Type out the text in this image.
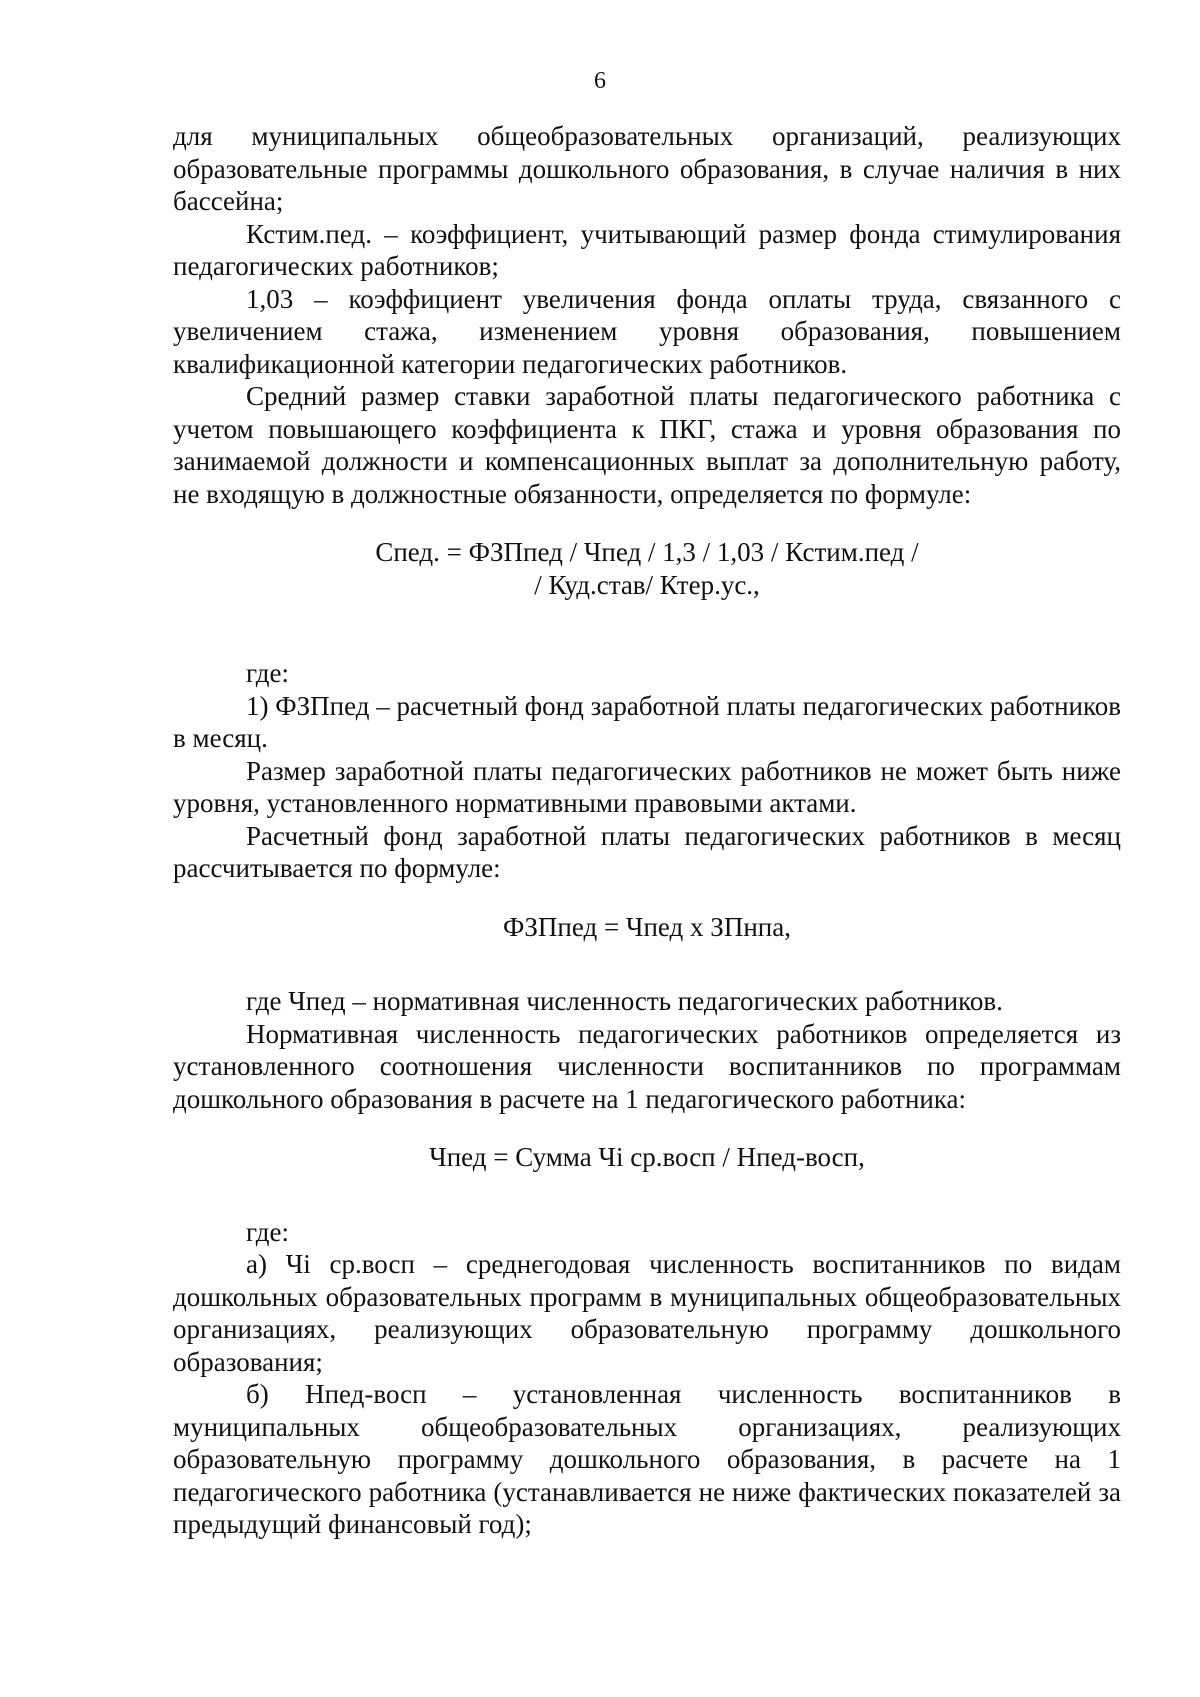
6

для муниципальных общеобразовательных организаций, реализующих образовательные программы дошкольного образования, в случае наличия в них бассейна;

Кстим.пед. – коэффициент, учитывающий размер фонда стимулирования педагогических работников;

1,03 – коэффициент увеличения фонда оплаты труда, связанного с увеличением стажа, изменением уровня образования, повышением квалификационной категории педагогических работников.

Средний размер ставки заработной платы педагогического работника с учетом повышающего коэффициента к ПКГ, стажа и уровня образования по занимаемой должности и компенсационных выплат за дополнительную работу, не входящую в должностные обязанности, определяется по формуле:

Спед. = ФЗПпед / Чпед / 1,3 / 1,03 / Кстим.пед /

/ Куд.став/ Ктер.ус.,

где:

1) ФЗПпед – расчетный фонд заработной платы педагогических работников в месяц.

Размер заработной платы педагогических работников не может быть ниже уровня, установленного нормативными правовыми актами.

Расчетный фонд заработной платы педагогических работников в месяц рассчитывается по формуле:

ФЗПпед = Чпед х ЗПнпа,

где Чпед – нормативная численность педагогических работников.

Нормативная численность педагогических работников определяется из установленного соотношения численности воспитанников по программам дошкольного образования в расчете на 1 педагогического работника:

Чпед = Сумма Чi ср.восп / Нпед-восп,

где:

а) Чi ср.восп – среднегодовая численность воспитанников по видам дошкольных образовательных программ в муниципальных общеобразовательных организациях, реализующих образовательную программу дошкольного образования;

б) Нпед-восп – установленная численность воспитанников в муниципальных общеобразовательных организациях, реализующих образовательную программу дошкольного образования, в расчете на 1 педагогического работника (устанавливается не ниже фактических показателей за предыдущий финансовый год);
